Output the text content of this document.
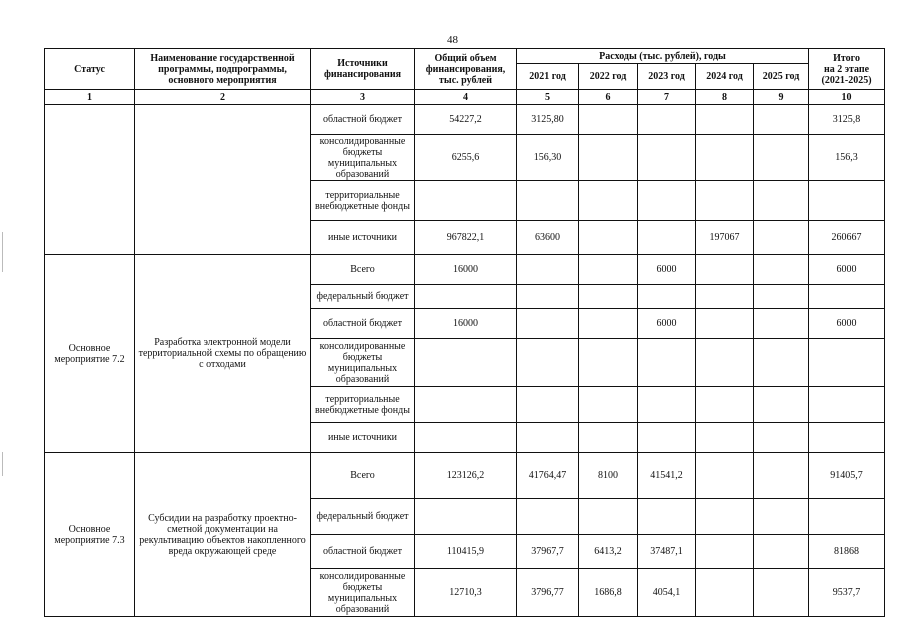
48
Статус	Наименование государственной
программы, подпрограммы,
основного мероприятия	Источники
финансирования	Общий объем
финансирования,
тыс. рублей	Расходы (тыс. рублей), годы					Итого
на 2 этапе
(2021-2025)
				2021 год	2022 год	2023 год	2024 год	2025 год	
1	2	3	4	5	6	7	8	9	10
		областной бюджет	54227,2	3125,80					3125,8
		консолидированные бюджеты муниципальных образований	6255,6	156,30					156,3
		территориальные внебюджетные фонды							
		иные источники	967822,1	63600			197067		260667
Основное мероприятие 7.2	Разработка электронной модели территориальной схемы по обращению с отходами	Всего	16000			6000			6000
		федеральный бюджет							
		областной бюджет	16000			6000			6000
		консолидированные бюджеты муниципальных образований							
		территориальные внебюджетные фонды							
		иные источники							
Основное мероприятие 7.3	Субсидии на разработку проектно-сметной документации на рекультивацию объектов накопленного вреда окружающей среде	Всего	123126,2	41764,47	8100	41541,2			91405,7
		федеральный бюджет							
		областной бюджет	110415,9	37967,7	6413,2	37487,1			81868
		консолидированные бюджеты муниципальных образований	12710,3	3796,77	1686,8	4054,1			9537,7
